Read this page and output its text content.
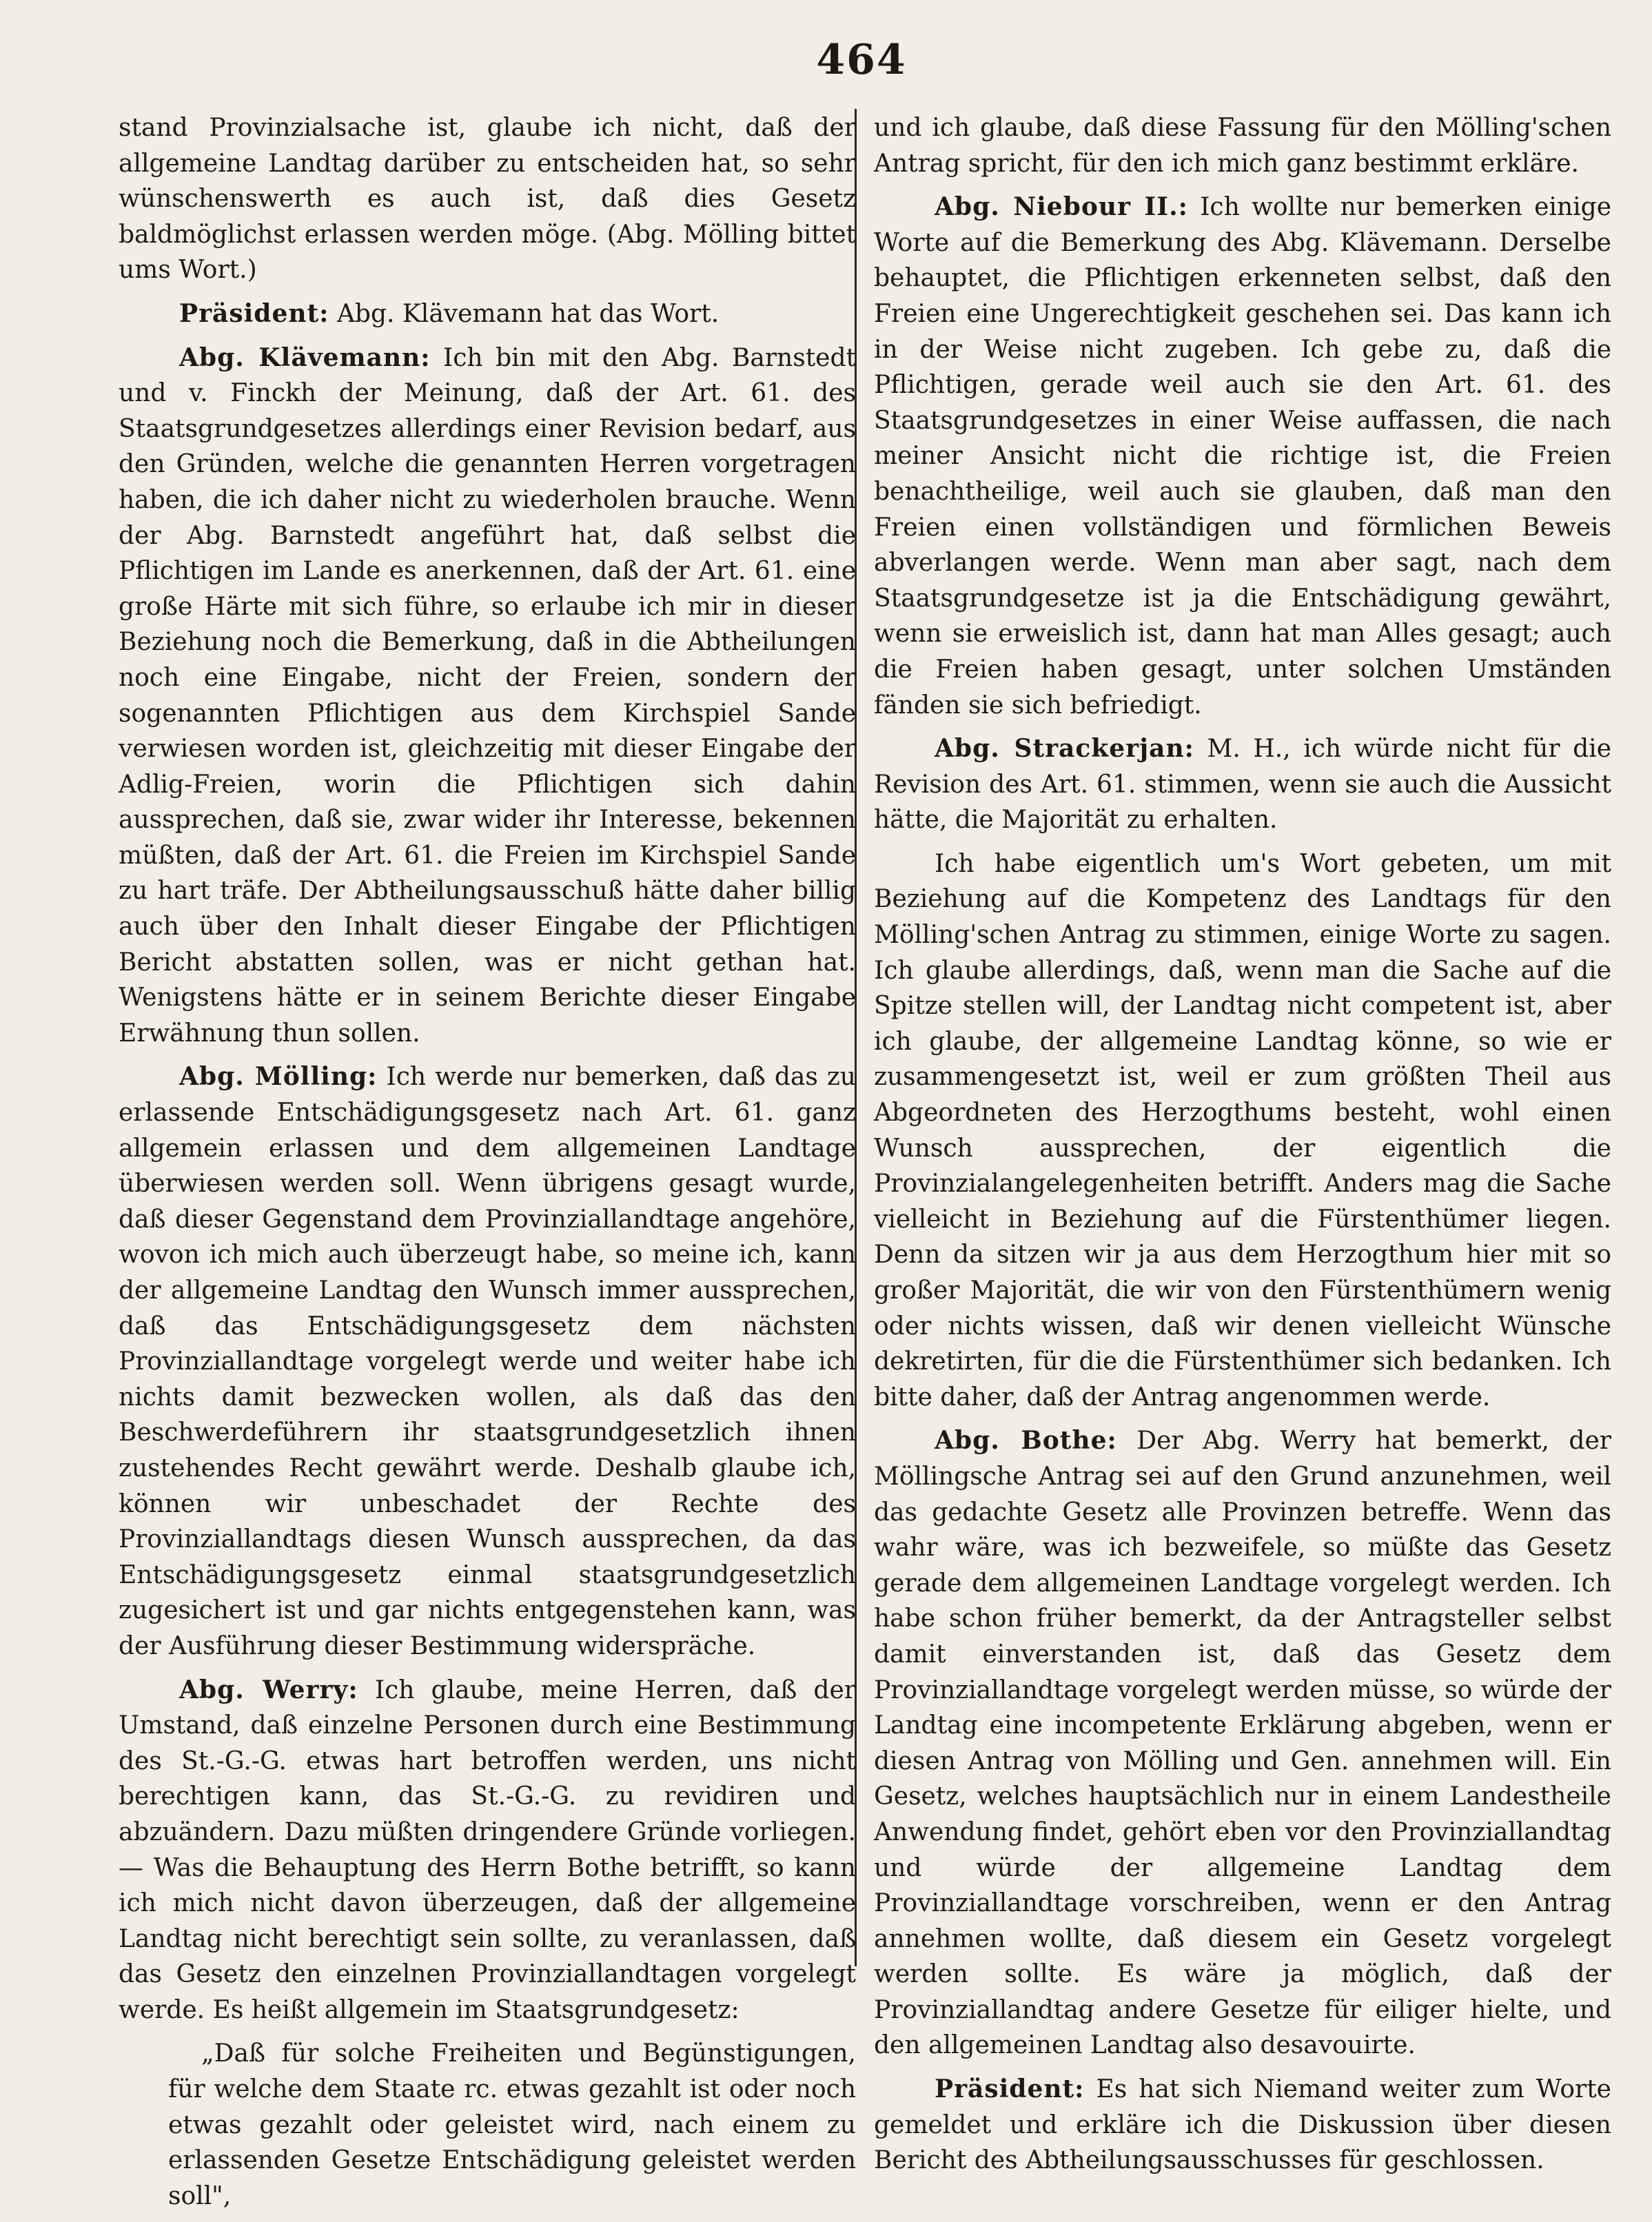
464

stand Provinzialsache ist, glaube ich nicht, daß der allgemeine Landtag darüber zu entscheiden hat, so sehr wünschenswerth es auch ist, daß dies Gesetz baldmöglichst erlassen werden möge. (Abg. Mölling bittet ums Wort.)

Präsident: Abg. Klävemann hat das Wort.

Abg. Klävemann: Ich bin mit den Abg. Barnstedt und v. Finckh der Meinung, daß der Art. 61. des Staatsgrundgesetzes allerdings einer Revision bedarf, aus den Gründen, welche die genannten Herren vorgetragen haben, die ich daher nicht zu wiederholen brauche. Wenn der Abg. Barnstedt angeführt hat, daß selbst die Pflichtigen im Lande es anerkennen, daß der Art. 61. eine große Härte mit sich führe, so erlaube ich mir in dieser Beziehung noch die Bemerkung, daß in die Abtheilungen noch eine Eingabe, nicht der Freien, sondern der sogenannten Pflichtigen aus dem Kirchspiel Sande verwiesen worden ist, gleichzeitig mit dieser Eingabe der Adlig-Freien, worin die Pflichtigen sich dahin aussprechen, daß sie, zwar wider ihr Interesse, bekennen müßten, daß der Art. 61. die Freien im Kirchspiel Sande zu hart träfe. Der Abtheilungsausschuß hätte daher billig auch über den Inhalt dieser Eingabe der Pflichtigen Bericht abstatten sollen, was er nicht gethan hat. Wenigstens hätte er in seinem Berichte dieser Eingabe Erwähnung thun sollen.

Abg. Mölling: Ich werde nur bemerken, daß das zu erlassende Entschädigungsgesetz nach Art. 61. ganz allgemein erlassen und dem allgemeinen Landtage überwiesen werden soll. Wenn übrigens gesagt wurde, daß dieser Gegenstand dem Provinziallandtage angehöre, wovon ich mich auch überzeugt habe, so meine ich, kann der allgemeine Landtag den Wunsch immer aussprechen, daß das Entschädigungsgesetz dem nächsten Provinziallandtage vorgelegt werde und weiter habe ich nichts damit bezwecken wollen, als daß das den Beschwerdeführern ihr staatsgrundgesetzlich ihnen zustehendes Recht gewährt werde. Deshalb glaube ich, können wir unbeschadet der Rechte des Provinziallandtags diesen Wunsch aussprechen, da das Entschädigungsgesetz einmal staatsgrundgesetzlich zugesichert ist und gar nichts entgegenstehen kann, was der Ausführung dieser Bestimmung widerspräche.

Abg. Werry: Ich glaube, meine Herren, daß der Umstand, daß einzelne Personen durch eine Bestimmung des St.-G.-G. etwas hart betroffen werden, uns nicht berechtigen kann, das St.-G.-G. zu revidiren und abzuändern. Dazu müßten dringendere Gründe vorliegen. — Was die Behauptung des Herrn Bothe betrifft, so kann ich mich nicht davon überzeugen, daß der allgemeine Landtag nicht berechtigt sein sollte, zu veranlassen, daß das Gesetz den einzelnen Provinziallandtagen vorgelegt werde. Es heißt allgemein im Staatsgrundgesetz:

„Daß für solche Freiheiten und Begünstigungen, für welche dem Staate rc. etwas gezahlt ist oder noch etwas gezahlt oder geleistet wird, nach einem zu erlassenden Gesetze Entschädigung geleistet werden soll",

und ich glaube, daß diese Fassung für den Mölling'schen Antrag spricht, für den ich mich ganz bestimmt erkläre.

Abg. Niebour II.: Ich wollte nur bemerken einige Worte auf die Bemerkung des Abg. Klävemann. Derselbe behauptet, die Pflichtigen erkenneten selbst, daß den Freien eine Ungerechtigkeit geschehen sei. Das kann ich in der Weise nicht zugeben. Ich gebe zu, daß die Pflichtigen, gerade weil auch sie den Art. 61. des Staatsgrundgesetzes in einer Weise auffassen, die nach meiner Ansicht nicht die richtige ist, die Freien benachtheilige, weil auch sie glauben, daß man den Freien einen vollständigen und förmlichen Beweis abverlangen werde. Wenn man aber sagt, nach dem Staatsgrundgesetze ist ja die Entschädigung gewährt, wenn sie erweislich ist, dann hat man Alles gesagt; auch die Freien haben gesagt, unter solchen Umständen fänden sie sich befriedigt.

Abg. Strackerjan: M. H., ich würde nicht für die Revision des Art. 61. stimmen, wenn sie auch die Aussicht hätte, die Majorität zu erhalten.

Ich habe eigentlich um's Wort gebeten, um mit Beziehung auf die Kompetenz des Landtags für den Mölling'schen Antrag zu stimmen, einige Worte zu sagen. Ich glaube allerdings, daß, wenn man die Sache auf die Spitze stellen will, der Landtag nicht competent ist, aber ich glaube, der allgemeine Landtag könne, so wie er zusammengesetzt ist, weil er zum größten Theil aus Abgeordneten des Herzogthums besteht, wohl einen Wunsch aussprechen, der eigentlich die Provinzialangelegenheiten betrifft. Anders mag die Sache vielleicht in Beziehung auf die Fürstenthümer liegen. Denn da sitzen wir ja aus dem Herzogthum hier mit so großer Majorität, die wir von den Fürstenthümern wenig oder nichts wissen, daß wir denen vielleicht Wünsche dekretirten, für die die Fürstenthümer sich bedanken. Ich bitte daher, daß der Antrag angenommen werde.

Abg. Bothe: Der Abg. Werry hat bemerkt, der Möllingsche Antrag sei auf den Grund anzunehmen, weil das gedachte Gesetz alle Provinzen betreffe. Wenn das wahr wäre, was ich bezweifele, so müßte das Gesetz gerade dem allgemeinen Landtage vorgelegt werden. Ich habe schon früher bemerkt, da der Antragsteller selbst damit einverstanden ist, daß das Gesetz dem Provinziallandtage vorgelegt werden müsse, so würde der Landtag eine incompetente Erklärung abgeben, wenn er diesen Antrag von Mölling und Gen. annehmen will. Ein Gesetz, welches hauptsächlich nur in einem Landestheile Anwendung findet, gehört eben vor den Provinziallandtag und würde der allgemeine Landtag dem Provinziallandtage vorschreiben, wenn er den Antrag annehmen wollte, daß diesem ein Gesetz vorgelegt werden sollte. Es wäre ja möglich, daß der Provinziallandtag andere Gesetze für eiliger hielte, und den allgemeinen Landtag also desavouirte.

Präsident: Es hat sich Niemand weiter zum Worte gemeldet und erkläre ich die Diskussion über diesen Bericht des Abtheilungsausschusses für geschlossen.
